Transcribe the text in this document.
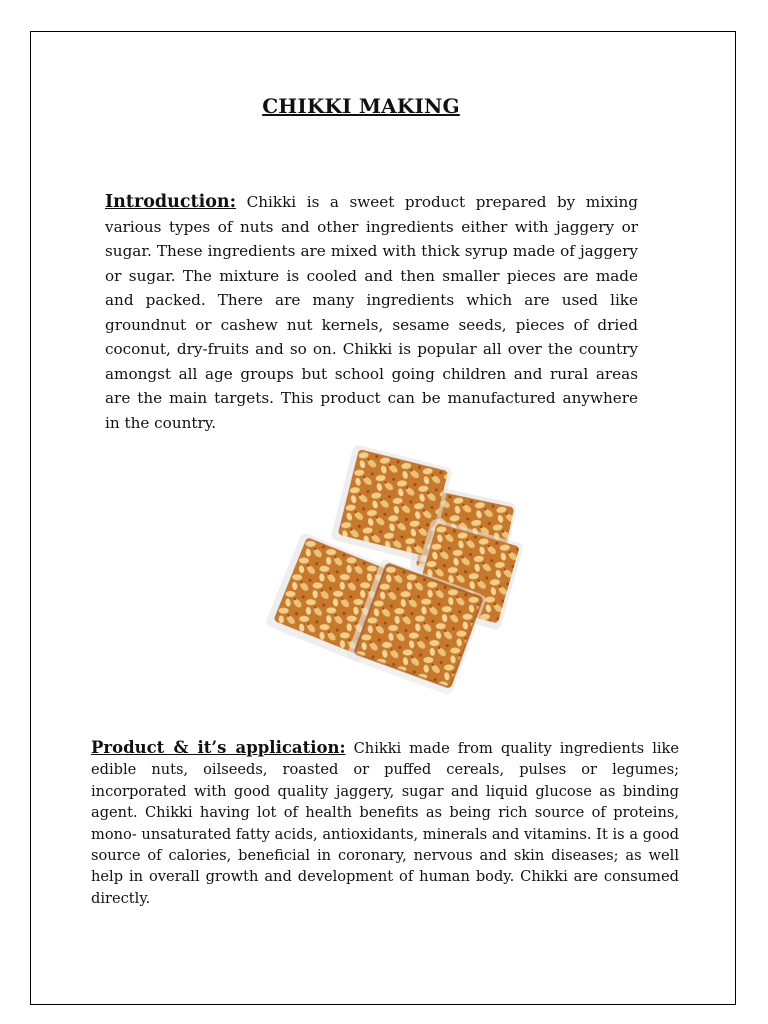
CHIKKI MAKING

Introduction: Chikki is a sweet product prepared by mixing various types of nuts and other ingredients either with jaggery or sugar. These ingredients are mixed with thick syrup made of jaggery or sugar. The mixture is cooled and then smaller pieces are made and packed. There are many ingredients which are used like groundnut or cashew nut kernels, sesame seeds, pieces of dried coconut, dry-fruits and so on. Chikki is popular all over the country amongst all age groups but school going children and rural areas are the main targets. This product can be manufactured anywhere in the country.

Product & it’s application: Chikki made from quality ingredients like edible nuts, oilseeds, roasted or puffed cereals, pulses or legumes; incorporated with good quality jaggery, sugar and liquid glucose as binding agent. Chikki having lot of health benefits as being rich source of proteins, mono- unsaturated fatty acids, antioxidants, minerals and vitamins. It is a good source of calories, beneficial in coronary, nervous and skin diseases; as well help in overall growth and development of human body. Chikki are consumed directly.
